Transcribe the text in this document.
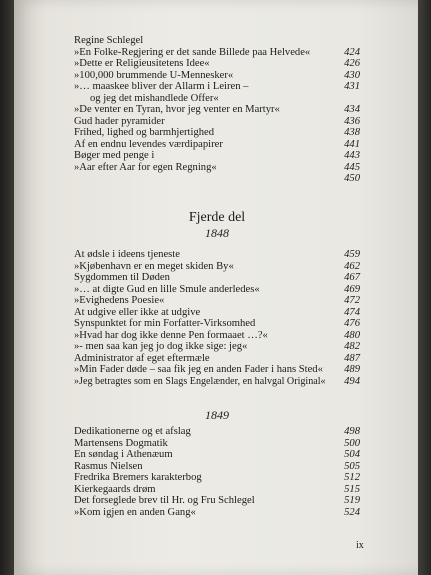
Regine Schlegel
»En Folke-Regjering er det sande Billede paa Helvede«	424
»Dette er Religieusitetens Idee«	426
»100,000 brummende U-Mennesker«	430
»… maaskee bliver der Allarm i Leiren –	431
og jeg det mishandlede Offer«
»De venter en Tyran, hvor jeg venter en Martyr«	434
Gud hader pyramider	436
Frihed, lighed og barmhjertighed	438
Af en endnu levendes værdipapirer	441
Bøger med penge i	443
»Aar efter Aar for egen Regning«	445
450
Fjerde del
1848
At ødsle i ideens tjeneste	459
»Kjøbenhavn er en meget skiden By«	462
Sygdommen til Døden	467
»… at digte Gud en lille Smule anderledes«	469
»Evighedens Poesie«	472
At udgive eller ikke at udgive	474
Synspunktet for min Forfatter-Virksomhed	476
»Hvad har dog ikke denne Pen formaaet …?«	480
»- men saa kan jeg jo dog ikke sige: jeg«	482
Administrator af eget eftermæle	487
»Min Fader døde – saa fik jeg en anden Fader i hans Sted« 489
»Jeg betragtes som en Slags Engelænder, en halvgal Original« 494
1849
Dedikationerne og et afslag	498
Martensens Dogmatik	500
En søndag i Athenæum	504
Rasmus Nielsen	505
Fredrika Bremers karakterbog	512
Kierkegaards drøm	515
Det forseglede brev til Hr. og Fru Schlegel	519
»Kom igjen en anden Gang«	524
ix
